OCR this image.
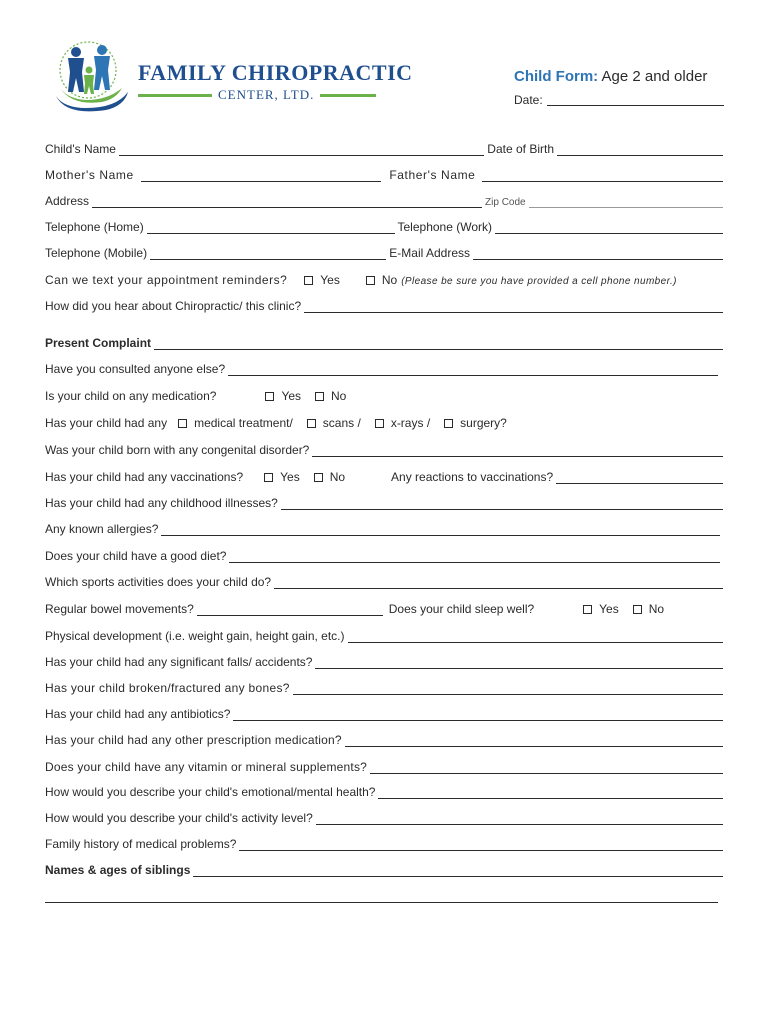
FAMILY CHIROPRACTIC
CENTER, LTD.
Child Form: Age 2 and older
Date:
Child's Name	Date of Birth
Mother's Name	Father's Name
Address	Zip Code
Telephone (Home)	Telephone (Work)
Telephone (Mobile)	E-Mail Address
Can we text your appointment reminders?	Yes	No (Please be sure you have provided a cell phone number.)
How did you hear about Chiropractic/ this clinic?
Present Complaint
Have you consulted anyone else?
Is your child on any medication?	Yes	No
Has your child had any medical treatment/	scans /	x-rays /	surgery?
Was your child born with any congenital disorder?
Has your child had any vaccinations?	Yes	No	Any reactions to vaccinations?
Has your child had any childhood illnesses?
Any known allergies?
Does your child have a good diet?
Which sports activities does your child do?
Regular bowel movements?	Does your child sleep well?	Yes	No
Physical development (i.e. weight gain, height gain, etc.)
Has your child had any significant falls/ accidents?
Has your child broken/fractured any bones?
Has your child had any antibiotics?
Has your child had any other prescription medication?
Does your child have any vitamin or mineral supplements?
How would you describe your child's emotional/mental health?
How would you describe your child's activity level?
Family history of medical problems?
Names & ages of siblings
